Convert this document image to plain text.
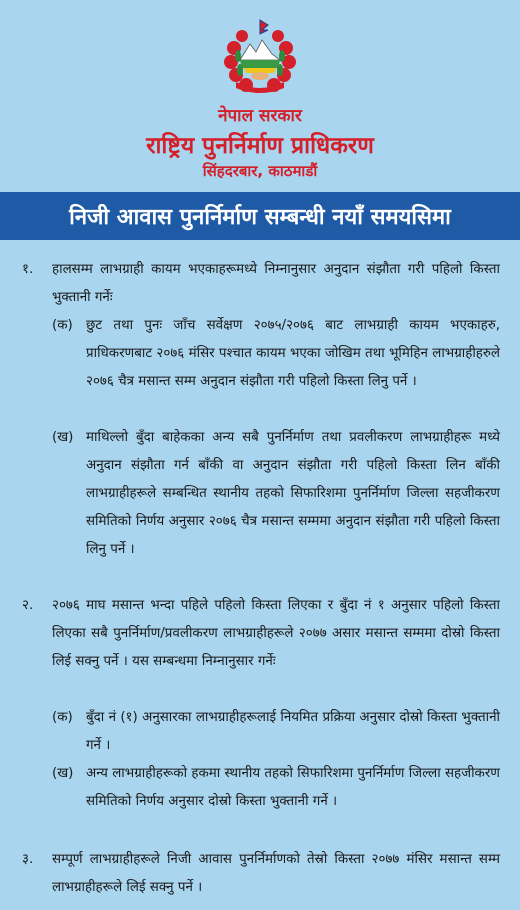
नेपाल सरकार
राष्ट्रिय पुनर्निर्माण प्राधिकरण
सिंहदरबार, काठमाडौं
निजी आवास पुनर्निर्माण सम्बन्धी नयाँ समयसिमा
१. हालसम्म लाभग्राही कायम भएकाहरूमध्ये निम्नानुसार अनुदान संझौता गरी पहिलो किस्ता भुक्तानी गर्नेः
(क) छुट तथा पुनः जाँच सर्वेक्षण २०७५/२०७६ बाट लाभग्राही कायम भएकाहरु, प्राधिकरणबाट २०७६ मंसिर पश्चात कायम भएका जोखिम तथा भूमिहिन लाभग्राहीहरुले २०७६ चैत्र मसान्त सम्म अनुदान संझौता गरी पहिलो किस्ता लिनु पर्ने ।
(ख) माथिल्लो बुँदा बाहेकका अन्य सबै पुनर्निर्माण तथा प्रवलीकरण लाभग्राहीहरू मध्ये अनुदान संझौता गर्न बाँकी वा अनुदान संझौता गरी पहिलो किस्ता लिन बाँकी लाभग्राहीहरूले सम्बन्धित स्थानीय तहको सिफारिशमा पुनर्निर्माण जिल्ला सहजीकरण समितिको निर्णय अनुसार २०७६ चैत्र मसान्त सम्ममा अनुदान संझौता गरी पहिलो किस्ता लिनु पर्ने ।
२. २०७६ माघ मसान्त भन्दा पहिले पहिलो किस्ता लिएका र बुँदा नं १ अनुसार पहिलो किस्ता लिएका सबै पुनर्निर्माण/प्रवलीकरण लाभग्राहीहरूले २०७७ असार मसान्त सम्ममा दोस्रो किस्ता लिई सक्नु पर्ने । यस सम्बन्धमा निम्नानुसार गर्नेः
(क) बुँदा नं (१) अनुसारका लाभग्राहीहरूलाई नियमित प्रक्रिया अनुसार दोस्रो किस्ता भुक्तानी गर्ने ।
(ख) अन्य लाभग्राहीहरूको हकमा स्थानीय तहको सिफारिशमा पुनर्निर्माण जिल्ला सहजीकरण समितिको निर्णय अनुसार दोस्रो किस्ता भुक्तानी गर्ने ।
३. सम्पूर्ण लाभग्राहीहरूले निजी आवास पुनर्निर्माणको तेस्रो किस्ता २०७७ मंसिर मसान्त सम्म लाभग्राहीहरूले लिई सक्नु पर्ने ।
